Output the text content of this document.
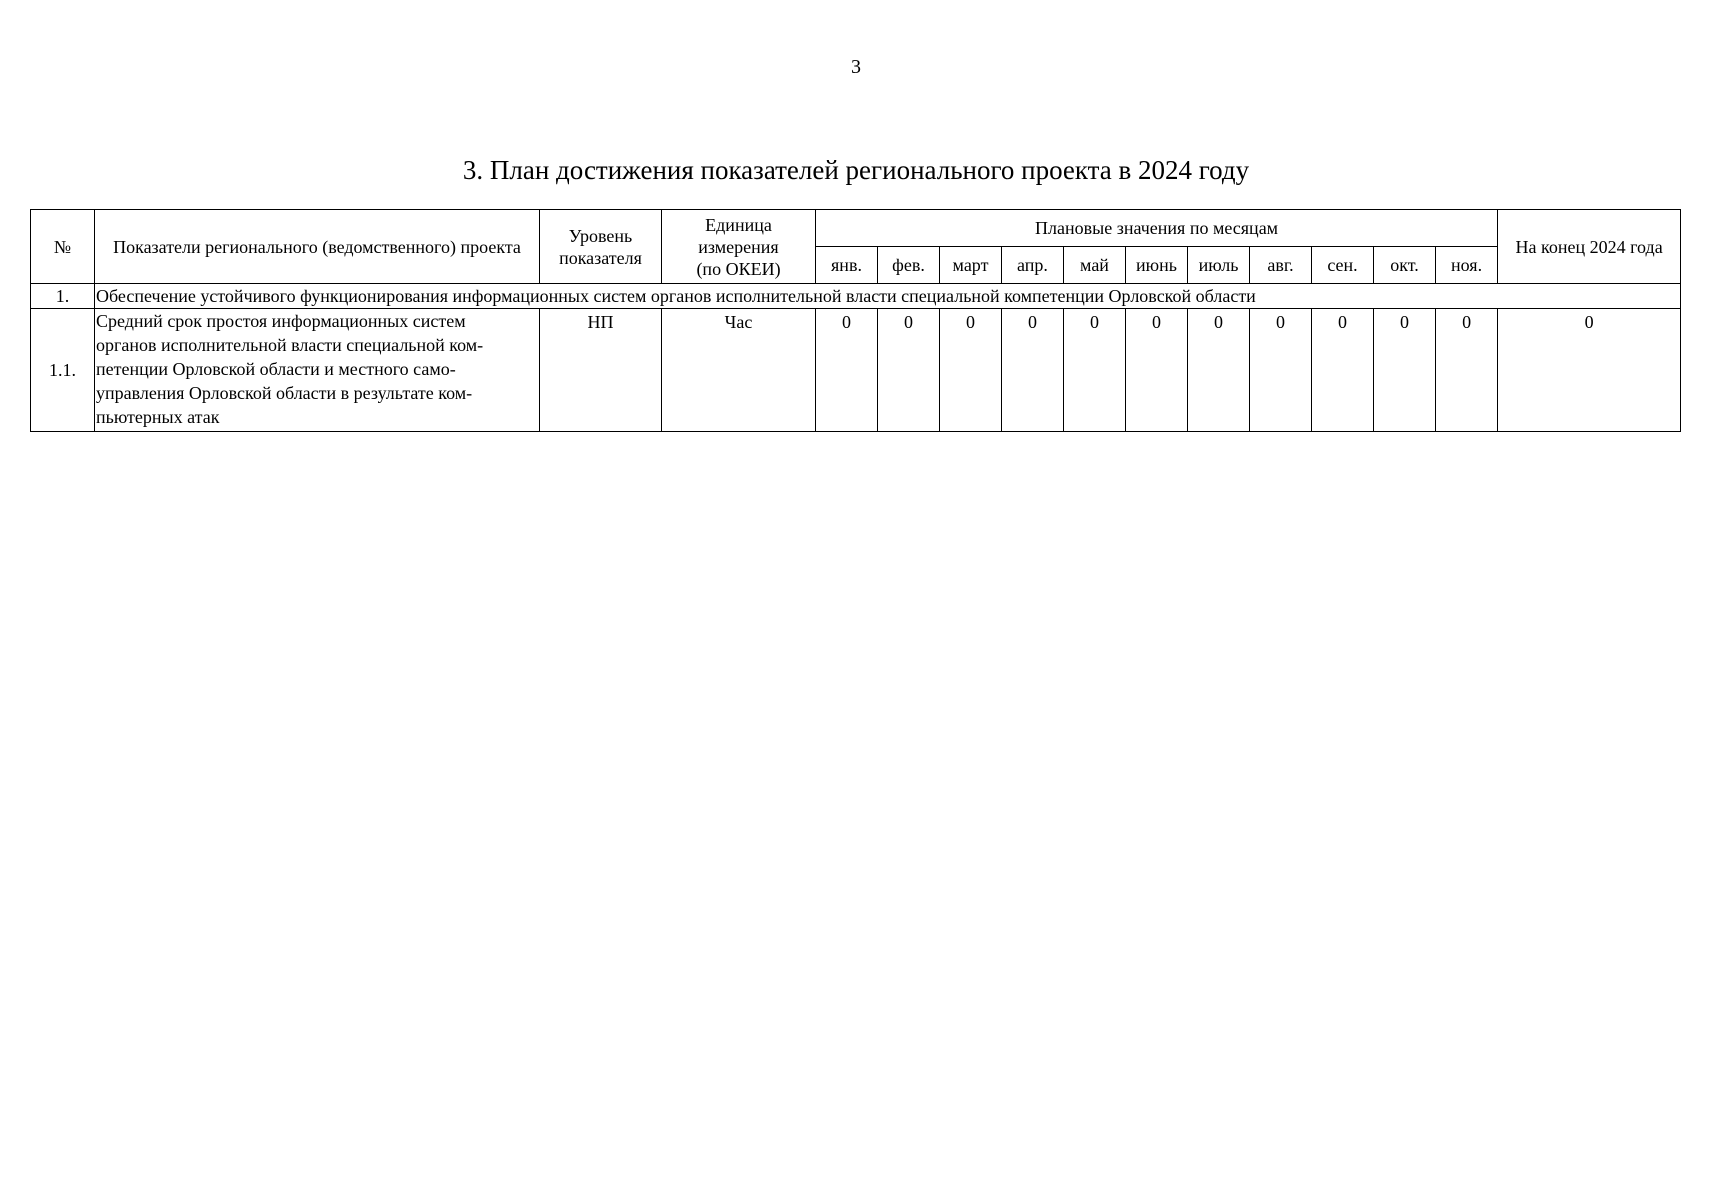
3
3. План достижения показателей регионального проекта в 2024 году
№	Показатели регионального (ведомственного) проекта	Уровень показателя	Единица
измерения
(по ОКЕИ)	Плановые значения по месяцам											На конец 2024 года
				янв.	фев.	март	апр.	май	июнь	июль	авг.	сен.	окт.	ноя.	
1.	Обеспечение устойчивого функционирования информационных систем органов исполнительной власти специальной компетенции Орловской области														
1.1.	Средний срок простоя информационных систем
органов исполнительной власти специальной ком-
петенции Орловской области и местного само-
управления Орловской области в результате ком-
пьютерных атак	НП	Час	0	0	0	0	0	0	0	0	0	0	0	0
